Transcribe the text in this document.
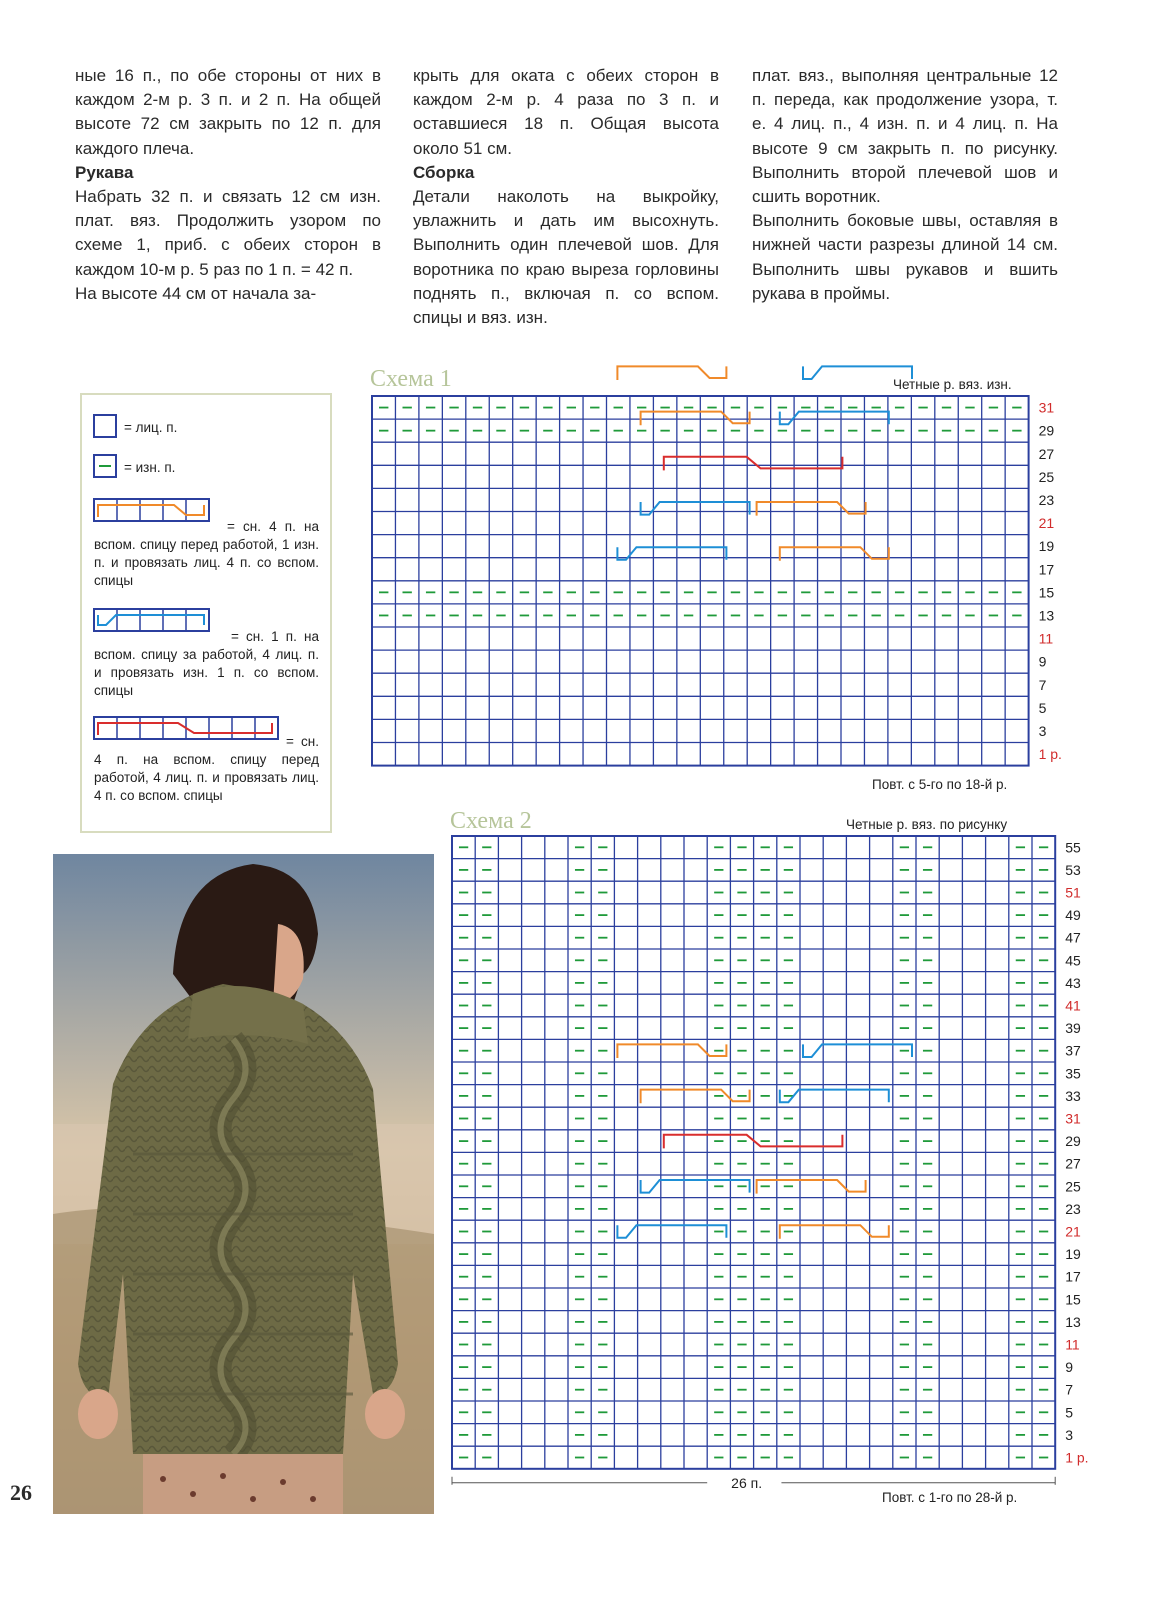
ные 16 п., по обе стороны от них в каждом 2-м р. 3 п. и 2 п. На общей высоте 72 см закрыть по 12 п. для каждого плеча.

Рукава

Набрать 32 п. и связать 12 см изн. плат. вяз. Продолжить узором по схеме 1, приб. с обеих сторон в каждом 10-м р. 5 раз по 1 п. = 42 п.

На высоте 44 см от начала за-

крыть для оката с обеих сторон в каждом 2-м р. 4 раза по 3 п. и оставшиеся 18 п. Общая высота около 51 см.

Сборка

Детали наколоть на выкройку, увлажнить и дать им высохнуть. Выполнить один плечевой шов. Для воротника по краю выреза горловины поднять п., включая п. со вспом. спицы и вяз. изн.

плат. вяз., выполняя центральные 12 п. переда, как продолжение узора, т. е. 4 лиц. п., 4 изн. п. и 4 лиц. п. На высоте 9 см закрыть п. по рисунку. Выполнить второй плечевой шов и сшить воротник.

Выполнить боковые швы, оставляя в нижней части разрезы длиной 14 см. Выполнить швы рукавов и вшить рукава в проймы.

= лиц. п.
= изн. п.
= сн. 4 п. на вспом. спицу перед работой, 1 изн. п. и провязать лиц. 4 п. со вспом. спицы
= сн. 1 п. на вспом. спицу за работой, 4 лиц. п. и провязать изн. 1 п. со вспом. спицы
= сн. 4 п. на вспом. спицу перед работой, 4 лиц. п. и провязать лиц. 4 п. со вспом. спицы
Схема 1	Четные р. вяз. изн.
1 р.
3
5
7
9
11
13
15
17
19
21
23
25
27
29
31
Повт. с 5-го по 18-й р.
Схема 2	Четные р. вяз. по рисунку
1 р.
3
5
7
9
11
13
15
17
19
21
23
25
27
29
31
33
35
37
39
41
43
45
47
49
51
53
55
26 п.
Повт. с 1-го по 28-й р.
26
